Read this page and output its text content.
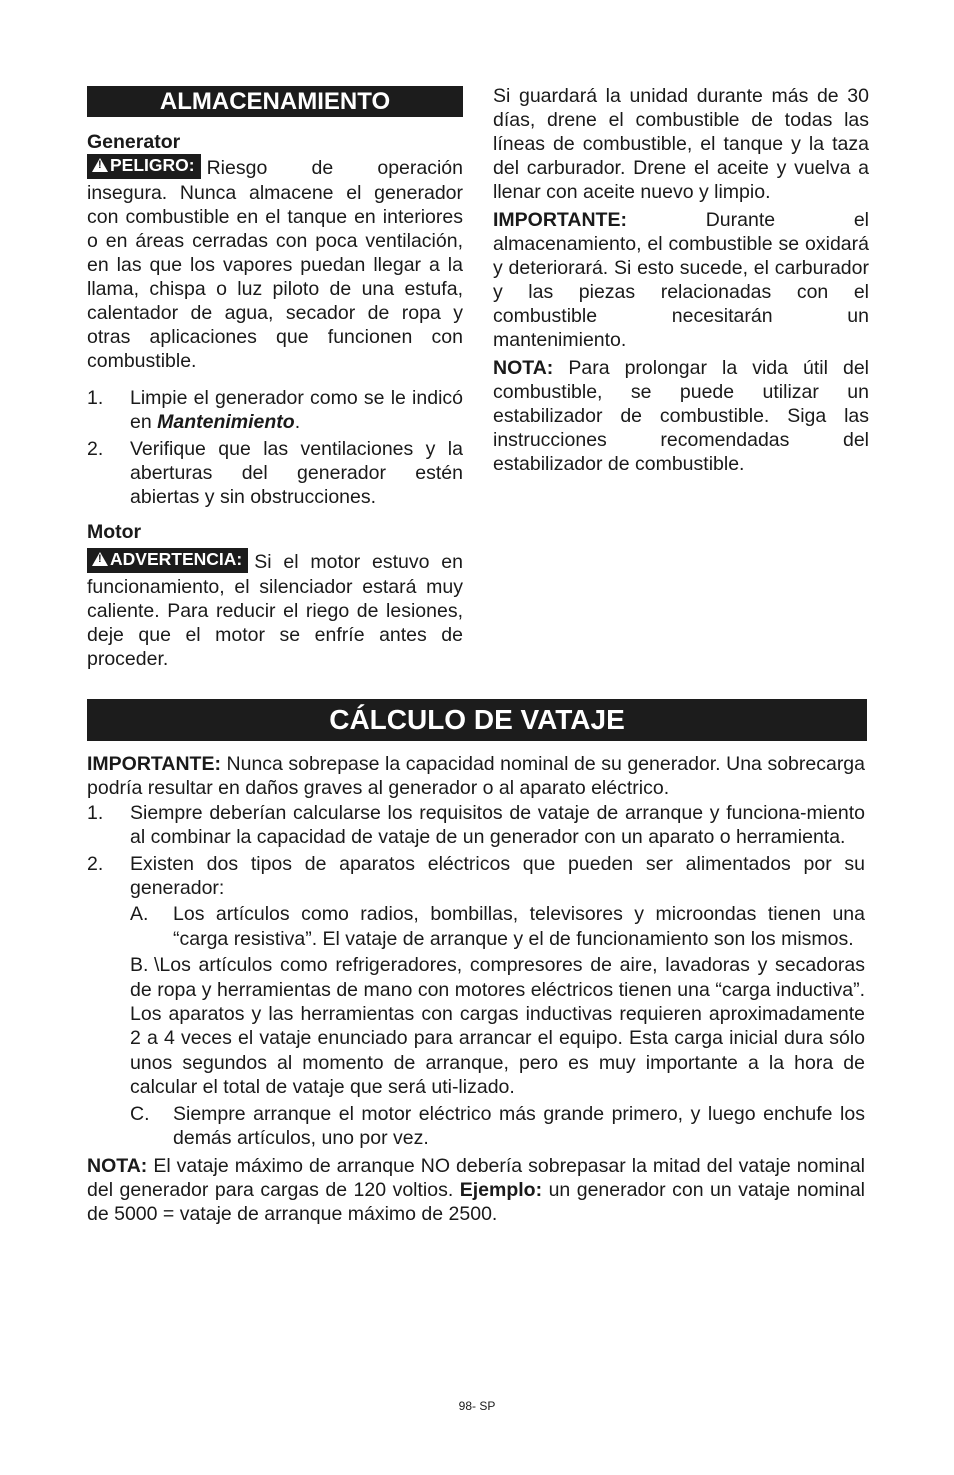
ALMACENAMIENTO
Generator

!PELIGRO: Riesgo de operación insegura. Nunca almacene el generador con combustible en el tanque en interiores o en áreas cerradas con poca ventilación, en las que los vapores puedan llegar a la llama, chispa o luz piloto de una estufa, calentador de agua, secador de ropa y otras aplicaciones que funcionen con combustible.

1. Limpie el generador como se le indicó en Mantenimiento.
2. Verifique que las ventilaciones y la aberturas del generador estén abiertas y sin obstrucciones.
Motor

!ADVERTENCIA: Si el motor estuvo en funcionamiento, el silenciador estará muy caliente. Para reducir el riego de lesiones, deje que el motor se enfríe antes de proceder.

Si guardará la unidad durante más de 30 días, drene el combustible de todas las líneas de combustible, el tanque y la taza del carburador. Drene el aceite y vuelva a llenar con aceite nuevo y limpio.

IMPORTANTE:	Durante el almacenamiento, el combustible se oxidará y deteriorará. Si esto sucede, el carburador y las piezas relacionadas con el combustible necesitarán un mantenimiento.

NOTA: Para prolongar la vida útil del combustible, se puede utilizar un estabilizador de combustible. Siga las instrucciones recomendadas del estabilizador de combustible.

CÁLCULO DE VATAJE

IMPORTANTE: Nunca sobrepase la capacidad nominal de su generador. Una sobrecarga podría resultar en daños graves al generador o al aparato eléctrico.

1. Siempre deberían calcularse los requisitos de vataje de arranque y funciona-miento al combinar la capacidad de vataje de un generador con un aparato o herramienta.
2. Existen dos tipos de aparatos eléctricos que pueden ser alimentados por su generador:
A. Los artículos como radios, bombillas, televisores y microondas tienen una “carga resistiva”. El vataje de arranque y el de funcionamiento son los mismos.

B.	\Los artículos como refrigeradores, compresores de aire, lavadoras y secadoras de ropa y herramientas de mano con motores eléctricos tienen una “carga inductiva”. Los aparatos y las herramientas con cargas inductivas requieren aproximadamente 2 a 4 veces el vataje enunciado para arrancar el equipo. Esta carga inicial dura sólo unos segundos al momento de arranque, pero es muy importante a la hora de calcular el total de vataje que será uti-lizado.

C. Siempre arranque el motor eléctrico más grande primero, y luego enchufe los demás artículos, uno por vez.

NOTA: El vataje máximo de arranque NO debería sobrepasar la mitad del vataje nominal del generador para cargas de 120 voltios. Ejemplo: un generador con un vataje nominal de 5000 = vataje de arranque máximo de 2500.

98- SP
